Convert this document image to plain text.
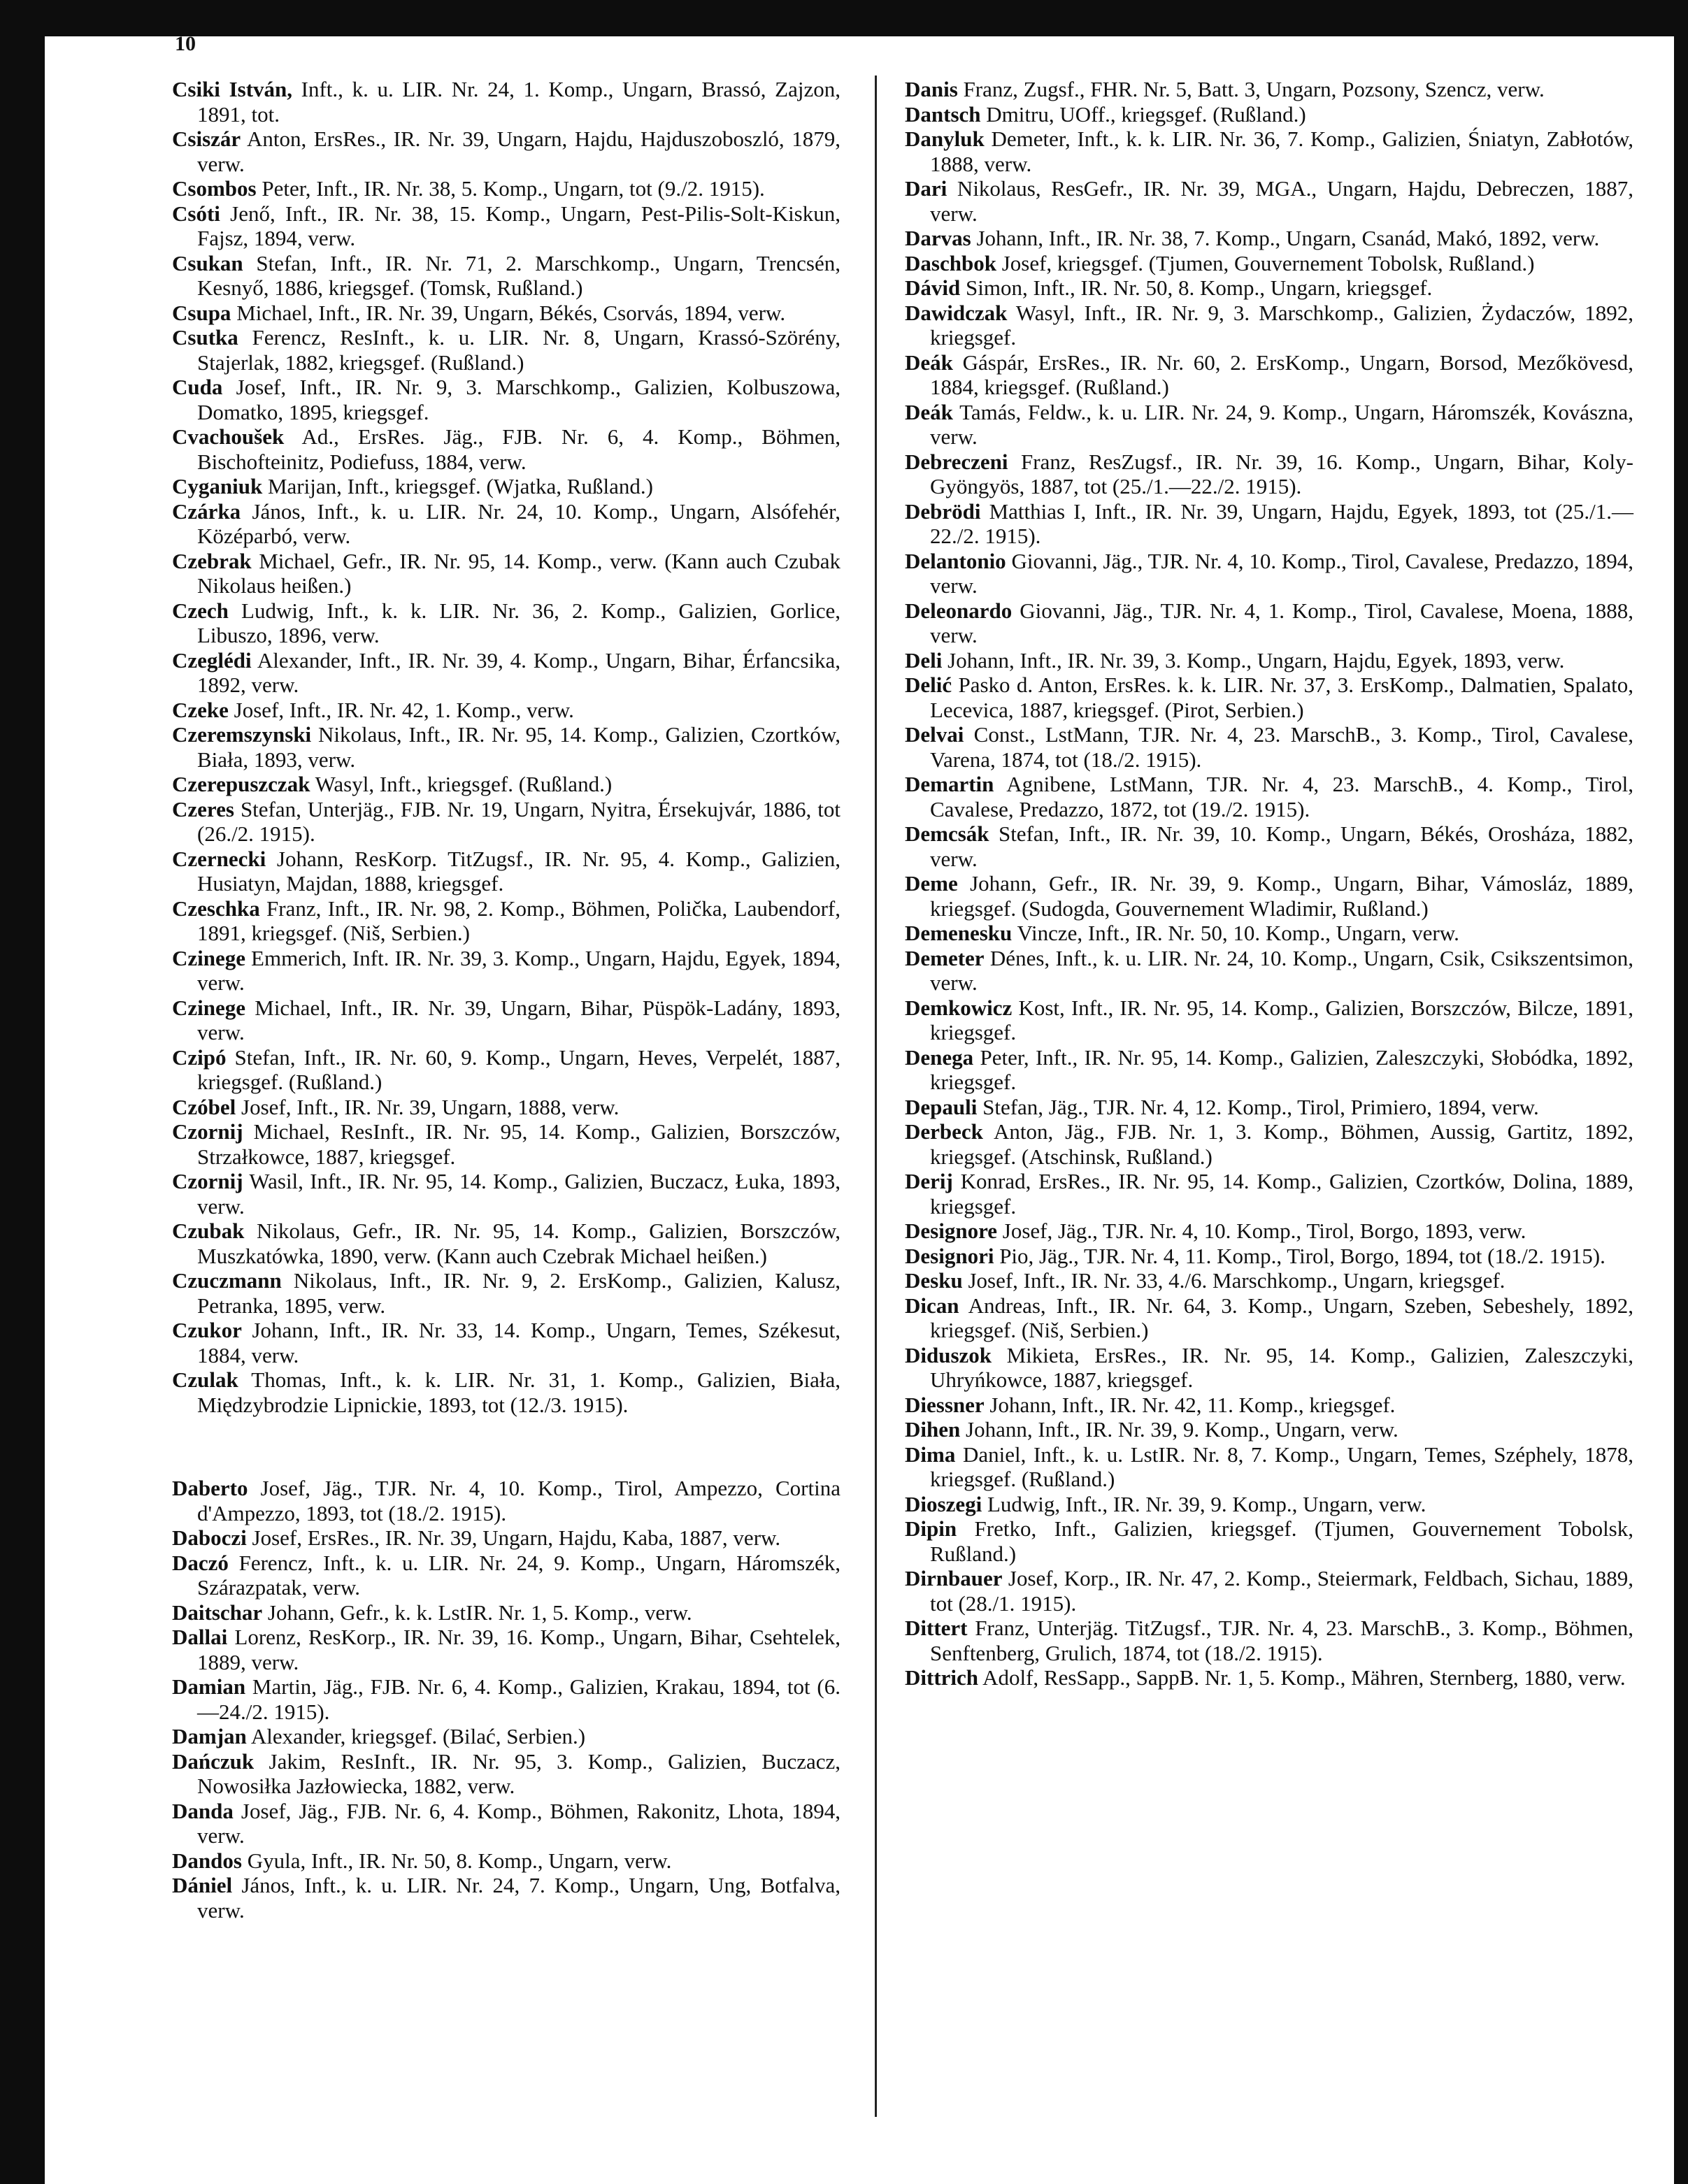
10

Csiki István, Inft., k. u. LIR. Nr. 24, 1. Komp., Ungarn, Brassó, Zajzon, 1891, tot.

Csiszár Anton, ErsRes., IR. Nr. 39, Ungarn, Hajdu, Hajduszoboszló, 1879, verw.

Csombos Peter, Inft., IR. Nr. 38, 5. Komp., Ungarn, tot (9./2. 1915).

Csóti Jenő, Inft., IR. Nr. 38, 15. Komp., Ungarn, Pest-Pilis-Solt-Kiskun, Fajsz, 1894, verw.

Csukan Stefan, Inft., IR. Nr. 71, 2. Marschkomp., Ungarn, Trencsén, Kesnyő, 1886, kriegsgef. (Tomsk, Rußland.)

Csupa Michael, Inft., IR. Nr. 39, Ungarn, Békés, Csorvás, 1894, verw.

Csutka Ferencz, ResInft., k. u. LIR. Nr. 8, Ungarn, Krassó-Szörény, Stajerlak, 1882, kriegsgef. (Rußland.)

Cuda Josef, Inft., IR. Nr. 9, 3. Marschkomp., Galizien, Kolbuszowa, Domatko, 1895, kriegsgef.

Cvachoušek Ad., ErsRes. Jäg., FJB. Nr. 6, 4. Komp., Böhmen, Bischofteinitz, Podiefuss, 1884, verw.

Cyganiuk Marijan, Inft., kriegsgef. (Wjatka, Rußland.)

Czárka János, Inft., k. u. LIR. Nr. 24, 10. Komp., Ungarn, Alsófehér, Középarbó, verw.

Czebrak Michael, Gefr., IR. Nr. 95, 14. Komp., verw. (Kann auch Czubak Nikolaus heißen.)

Czech Ludwig, Inft., k. k. LIR. Nr. 36, 2. Komp., Galizien, Gorlice, Libuszo, 1896, verw.

Czeglédi Alexander, Inft., IR. Nr. 39, 4. Komp., Ungarn, Bihar, Érfancsika, 1892, verw.

Czeke Josef, Inft., IR. Nr. 42, 1. Komp., verw.

Czeremszynski Nikolaus, Inft., IR. Nr. 95, 14. Komp., Galizien, Czortków, Biała, 1893, verw.

Czerepuszczak Wasyl, Inft., kriegsgef. (Rußland.)

Czeres Stefan, Unterjäg., FJB. Nr. 19, Ungarn, Nyitra, Érsekujvár, 1886, tot (26./2. 1915).

Czernecki Johann, ResKorp. TitZugsf., IR. Nr. 95, 4. Komp., Galizien, Husiatyn, Majdan, 1888, kriegsgef.

Czeschka Franz, Inft., IR. Nr. 98, 2. Komp., Böhmen, Polička, Laubendorf, 1891, kriegsgef. (Niš, Serbien.)

Czinege Emmerich, Inft. IR. Nr. 39, 3. Komp., Ungarn, Hajdu, Egyek, 1894, verw.

Czinege Michael, Inft., IR. Nr. 39, Ungarn, Bihar, Püspök-Ladány, 1893, verw.

Czipó Stefan, Inft., IR. Nr. 60, 9. Komp., Ungarn, Heves, Verpelét, 1887, kriegsgef. (Rußland.)

Czóbel Josef, Inft., IR. Nr. 39, Ungarn, 1888, verw.

Czornij Michael, ResInft., IR. Nr. 95, 14. Komp., Galizien, Borszczów, Strzałkowce, 1887, kriegsgef.

Czornij Wasil, Inft., IR. Nr. 95, 14. Komp., Galizien, Buczacz, Łuka, 1893, verw.

Czubak Nikolaus, Gefr., IR. Nr. 95, 14. Komp., Galizien, Borszczów, Muszkatówka, 1890, verw. (Kann auch Czebrak Michael heißen.)

Czuczmann Nikolaus, Inft., IR. Nr. 9, 2. ErsKomp., Galizien, Kalusz, Petranka, 1895, verw.

Czukor Johann, Inft., IR. Nr. 33, 14. Komp., Ungarn, Temes, Székesut, 1884, verw.

Czulak Thomas, Inft., k. k. LIR. Nr. 31, 1. Komp., Galizien, Biała, Międzybrodzie Lipnickie, 1893, tot (12./3. 1915).

Daberto Josef, Jäg., TJR. Nr. 4, 10. Komp., Tirol, Ampezzo, Cortina d'Ampezzo, 1893, tot (18./2. 1915).

Daboczi Josef, ErsRes., IR. Nr. 39, Ungarn, Hajdu, Kaba, 1887, verw.

Daczó Ferencz, Inft., k. u. LIR. Nr. 24, 9. Komp., Ungarn, Háromszék, Szárazpatak, verw.

Daitschar Johann, Gefr., k. k. LstIR. Nr. 1, 5. Komp., verw.

Dallai Lorenz, ResKorp., IR. Nr. 39, 16. Komp., Ungarn, Bihar, Csehtelek, 1889, verw.

Damian Martin, Jäg., FJB. Nr. 6, 4. Komp., Galizien, Krakau, 1894, tot (6.—24./2. 1915).

Damjan Alexander, kriegsgef. (Bilać, Serbien.)

Dańczuk Jakim, ResInft., IR. Nr. 95, 3. Komp., Galizien, Buczacz, Nowosiłka Jazłowiecka, 1882, verw.

Danda Josef, Jäg., FJB. Nr. 6, 4. Komp., Böhmen, Rakonitz, Lhota, 1894, verw.

Dandos Gyula, Inft., IR. Nr. 50, 8. Komp., Ungarn, verw.

Dániel János, Inft., k. u. LIR. Nr. 24, 7. Komp., Ungarn, Ung, Botfalva, verw.

Danis Franz, Zugsf., FHR. Nr. 5, Batt. 3, Ungarn, Pozsony, Szencz, verw.

Dantsch Dmitru, UOff., kriegsgef. (Rußland.)

Danyluk Demeter, Inft., k. k. LIR. Nr. 36, 7. Komp., Galizien, Śniatyn, Zabłotów, 1888, verw.

Dari Nikolaus, ResGefr., IR. Nr. 39, MGA., Ungarn, Hajdu, Debreczen, 1887, verw.

Darvas Johann, Inft., IR. Nr. 38, 7. Komp., Ungarn, Csanád, Makó, 1892, verw.

Daschbok Josef, kriegsgef. (Tjumen, Gouvernement Tobolsk, Rußland.)

Dávid Simon, Inft., IR. Nr. 50, 8. Komp., Ungarn, kriegsgef.

Dawidczak Wasyl, Inft., IR. Nr. 9, 3. Marschkomp., Galizien, Żydaczów, 1892, kriegsgef.

Deák Gáspár, ErsRes., IR. Nr. 60, 2. ErsKomp., Ungarn, Borsod, Mezőkövesd, 1884, kriegsgef. (Rußland.)

Deák Tamás, Feldw., k. u. LIR. Nr. 24, 9. Komp., Ungarn, Háromszék, Kovászna, verw.

Debreczeni Franz, ResZugsf., IR. Nr. 39, 16. Komp., Ungarn, Bihar, Koly-Gyöngyös, 1887, tot (25./1.—22./2. 1915).

Debrödi Matthias I, Inft., IR. Nr. 39, Ungarn, Hajdu, Egyek, 1893, tot (25./1.—22./2. 1915).

Delantonio Giovanni, Jäg., TJR. Nr. 4, 10. Komp., Tirol, Cavalese, Predazzo, 1894, verw.

Deleonardo Giovanni, Jäg., TJR. Nr. 4, 1. Komp., Tirol, Cavalese, Moena, 1888, verw.

Deli Johann, Inft., IR. Nr. 39, 3. Komp., Ungarn, Hajdu, Egyek, 1893, verw.

Delić Pasko d. Anton, ErsRes. k. k. LIR. Nr. 37, 3. ErsKomp., Dalmatien, Spalato, Lecevica, 1887, kriegsgef. (Pirot, Serbien.)

Delvai Const., LstMann, TJR. Nr. 4, 23. MarschB., 3. Komp., Tirol, Cavalese, Varena, 1874, tot (18./2. 1915).

Demartin Agnibene, LstMann, TJR. Nr. 4, 23. MarschB., 4. Komp., Tirol, Cavalese, Predazzo, 1872, tot (19./2. 1915).

Demcsák Stefan, Inft., IR. Nr. 39, 10. Komp., Ungarn, Békés, Orosháza, 1882, verw.

Deme Johann, Gefr., IR. Nr. 39, 9. Komp., Ungarn, Bihar, Vámosláz, 1889, kriegsgef. (Sudogda, Gouvernement Wladimir, Rußland.)

Demenesku Vincze, Inft., IR. Nr. 50, 10. Komp., Ungarn, verw.

Demeter Dénes, Inft., k. u. LIR. Nr. 24, 10. Komp., Ungarn, Csik, Csikszentsimon, verw.

Demkowicz Kost, Inft., IR. Nr. 95, 14. Komp., Galizien, Borszczów, Bilcze, 1891, kriegsgef.

Denega Peter, Inft., IR. Nr. 95, 14. Komp., Galizien, Zaleszczyki, Słobódka, 1892, kriegsgef.

Depauli Stefan, Jäg., TJR. Nr. 4, 12. Komp., Tirol, Primiero, 1894, verw.

Derbeck Anton, Jäg., FJB. Nr. 1, 3. Komp., Böhmen, Aussig, Gartitz, 1892, kriegsgef. (Atschinsk, Rußland.)

Derij Konrad, ErsRes., IR. Nr. 95, 14. Komp., Galizien, Czortków, Dolina, 1889, kriegsgef.

Designore Josef, Jäg., TJR. Nr. 4, 10. Komp., Tirol, Borgo, 1893, verw.

Designori Pio, Jäg., TJR. Nr. 4, 11. Komp., Tirol, Borgo, 1894, tot (18./2. 1915).

Desku Josef, Inft., IR. Nr. 33, 4./6. Marschkomp., Ungarn, kriegsgef.

Dican Andreas, Inft., IR. Nr. 64, 3. Komp., Ungarn, Szeben, Sebeshely, 1892, kriegsgef. (Niš, Serbien.)

Diduszok Mikieta, ErsRes., IR. Nr. 95, 14. Komp., Galizien, Zaleszczyki, Uhryńkowce, 1887, kriegsgef.

Diessner Johann, Inft., IR. Nr. 42, 11. Komp., kriegsgef.

Dihen Johann, Inft., IR. Nr. 39, 9. Komp., Ungarn, verw.

Dima Daniel, Inft., k. u. LstIR. Nr. 8, 7. Komp., Ungarn, Temes, Széphely, 1878, kriegsgef. (Rußland.)

Dioszegi Ludwig, Inft., IR. Nr. 39, 9. Komp., Ungarn, verw.

Dipin Fretko, Inft., Galizien, kriegsgef. (Tjumen, Gouvernement Tobolsk, Rußland.)

Dirnbauer Josef, Korp., IR. Nr. 47, 2. Komp., Steiermark, Feldbach, Sichau, 1889, tot (28./1. 1915).

Dittert Franz, Unterjäg. TitZugsf., TJR. Nr. 4, 23. MarschB., 3. Komp., Böhmen, Senftenberg, Grulich, 1874, tot (18./2. 1915).

Dittrich Adolf, ResSapp., SappB. Nr. 1, 5. Komp., Mähren, Sternberg, 1880, verw.
